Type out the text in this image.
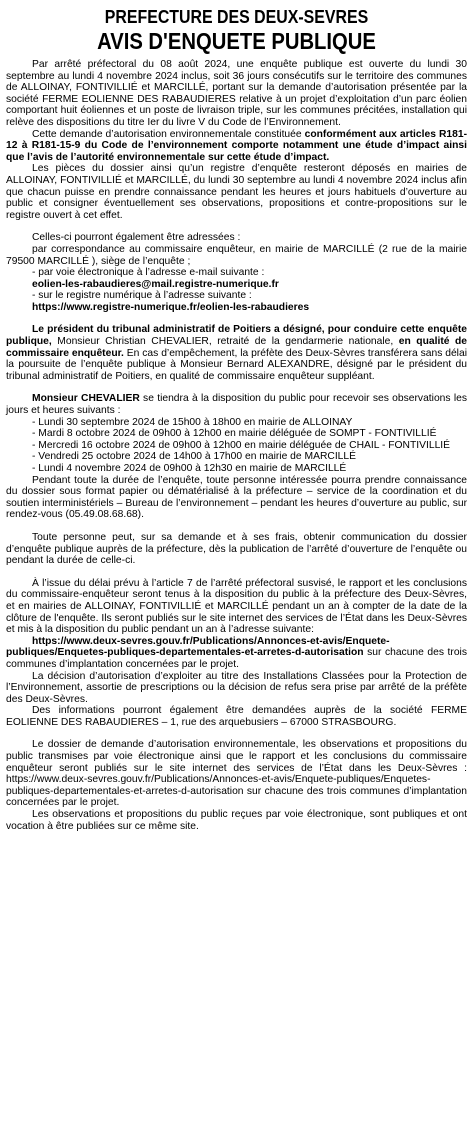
PREFECTURE DES DEUX-SEVRES
AVIS D'ENQUETE PUBLIQUE

Par arrêté préfectoral du 08 août 2024, une enquête publique est ouverte du lundi 30 septembre au lundi 4 novembre 2024 inclus, soit 36 jours consécutifs sur le territoire des communes de ALLOINAY, FONTIVILLIÉ et MARCILLÉ, portant sur la demande d’autorisation présentée par la société FERME EOLIENNE DES RABAUDIERES relative à un projet d’exploitation d’un parc éolien comportant huit éoliennes et un poste de livraison triple, sur les communes précitées, installation qui relève des dispositions du titre Ier du livre V du Code de l’Environnement.

Cette demande d’autorisation environnementale constituée conformément aux articles R181-12 à R181-15-9 du Code de l’environnement comporte notamment une étude d’impact ainsi que l’avis de l’autorité environnementale sur cette étude d’impact.

Les pièces du dossier ainsi qu’un registre d’enquête resteront déposés en mairies de ALLOINAY, FONTIVILLIÉ et MARCILLÉ, du lundi 30 septembre au lundi 4 novembre 2024 inclus afin que chacun puisse en prendre connaissance pendant les heures et jours habituels d’ouverture au public et consigner éventuellement ses observations, propositions et contre-propositions sur le registre ouvert à cet effet.

Celles-ci pourront également être adressées :

par correspondance au commissaire enquêteur, en mairie de MARCILLÉ (2 rue de la mairie 79500 MARCILLÉ ), siège de l’enquête ;

- par voie électronique à l’adresse e-mail suivante :

eolien-les-rabaudieres@mail.registre-numerique.fr

- sur le registre numérique à l’adresse suivante :

https://www.registre-numerique.fr/eolien-les-rabaudieres

Le président du tribunal administratif de Poitiers a désigné, pour conduire cette enquête publique, Monsieur Christian CHEVALIER, retraité de la gendarmerie nationale, en qualité de commissaire enquêteur. En cas d’empêchement, la préfète des Deux-Sèvres transférera sans délai la poursuite de l’enquête publique à Monsieur Bernard ALEXANDRE, désigné par le président du tribunal administratif de Poitiers, en qualité de commissaire enquêteur suppléant.

Monsieur CHEVALIER se tiendra à la disposition du public pour recevoir ses observations les jours et heures suivants :

- Lundi 30 septembre 2024 de 15h00 à 18h00 en mairie de ALLOINAY

- Mardi 8 octobre 2024 de 09h00 à 12h00 en mairie déléguée de SOMPT - FONTIVILLIÉ

- Mercredi 16 octobre 2024 de 09h00 à 12h00 en mairie déléguée de CHAIL - FONTIVILLIÉ

- Vendredi 25 octobre 2024 de 14h00 à 17h00 en mairie de MARCILLÉ

- Lundi 4 novembre 2024 de 09h00 à 12h30 en mairie de MARCILLÉ

Pendant toute la durée de l’enquête, toute personne intéressée pourra prendre connaissance du dossier sous format papier ou dématérialisé à la préfecture – service de la coordination et du soutien interministériels – Bureau de l’environnement – pendant les heures d’ouverture au public, sur rendez-vous (05.49.08.68.68).

Toute personne peut, sur sa demande et à ses frais, obtenir communication du dossier d’enquête publique auprès de la préfecture, dès la publication de l’arrêté d’ouverture de l’enquête ou pendant la durée de celle-ci.

À l’issue du délai prévu à l’article 7 de l’arrêté préfectoral susvisé, le rapport et les conclusions du commissaire-enquêteur seront tenus à la disposition du public à la préfecture des Deux-Sèvres, et en mairies de ALLOINAY, FONTIVILLIÉ et MARCILLÉ pendant un an à compter de la date de la clôture de l'enquête. Ils seront publiés sur le site internet des services de l’État dans les Deux-Sèvres et mis à la disposition du public pendant un an à l’adresse suivante:

https://www.deux-sevres.gouv.fr/Publications/Annonces-et-avis/Enquete-publiques/Enquetes-publiques-departementales-et-arretes-d-autorisation sur chacune des trois communes d’implantation concernées par le projet.

La décision d’autorisation d’exploiter au titre des Installations Classées pour la Protection de l’Environnement, assortie de prescriptions ou la décision de refus sera prise par arrêté de la préfète des Deux-Sèvres.

Des informations pourront également être demandées auprès de la société FERME EOLIENNE DES RABAUDIERES – 1, rue des arquebusiers – 67000 STRASBOURG.

Le dossier de demande d’autorisation environnementale, les observations et propositions du public transmises par voie électronique ainsi que le rapport et les conclusions du commissaire enquêteur seront publiés sur le site internet des services de l’État dans les Deux-Sèvres : https://www.deux-sevres.gouv.fr/Publications/Annonces-et-avis/Enquete-publiques/Enquetes-publiques-departementales-et-arretes-d-autorisation sur chacune des trois communes d’implantation concernées par le projet.

Les observations et propositions du public reçues par voie électronique, sont publiques et ont vocation à être publiées sur ce même site.
